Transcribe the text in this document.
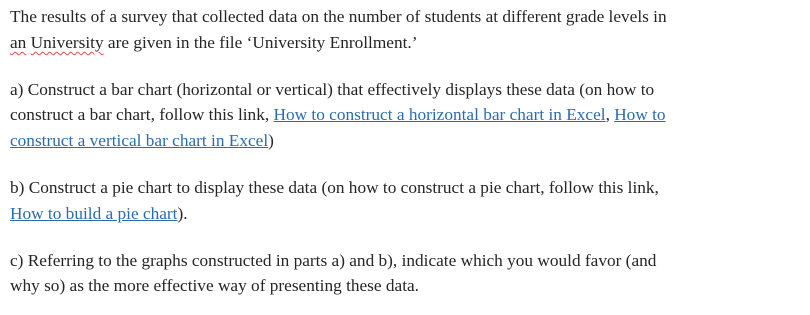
The results of a survey that collected data on the number of students at different grade levels in
an University are given in the file ‘University Enrollment.’
a) Construct a bar chart (horizontal or vertical) that effectively displays these data (on how to
construct a bar chart, follow this link, How to construct a horizontal bar chart in Excel, How to
construct a vertical bar chart in Excel)
b) Construct a pie chart to display these data (on how to construct a pie chart, follow this link,
How to build a pie chart).
c) Referring to the graphs constructed in parts a) and b), indicate which you would favor (and
why so) as the more effective way of presenting these data.
